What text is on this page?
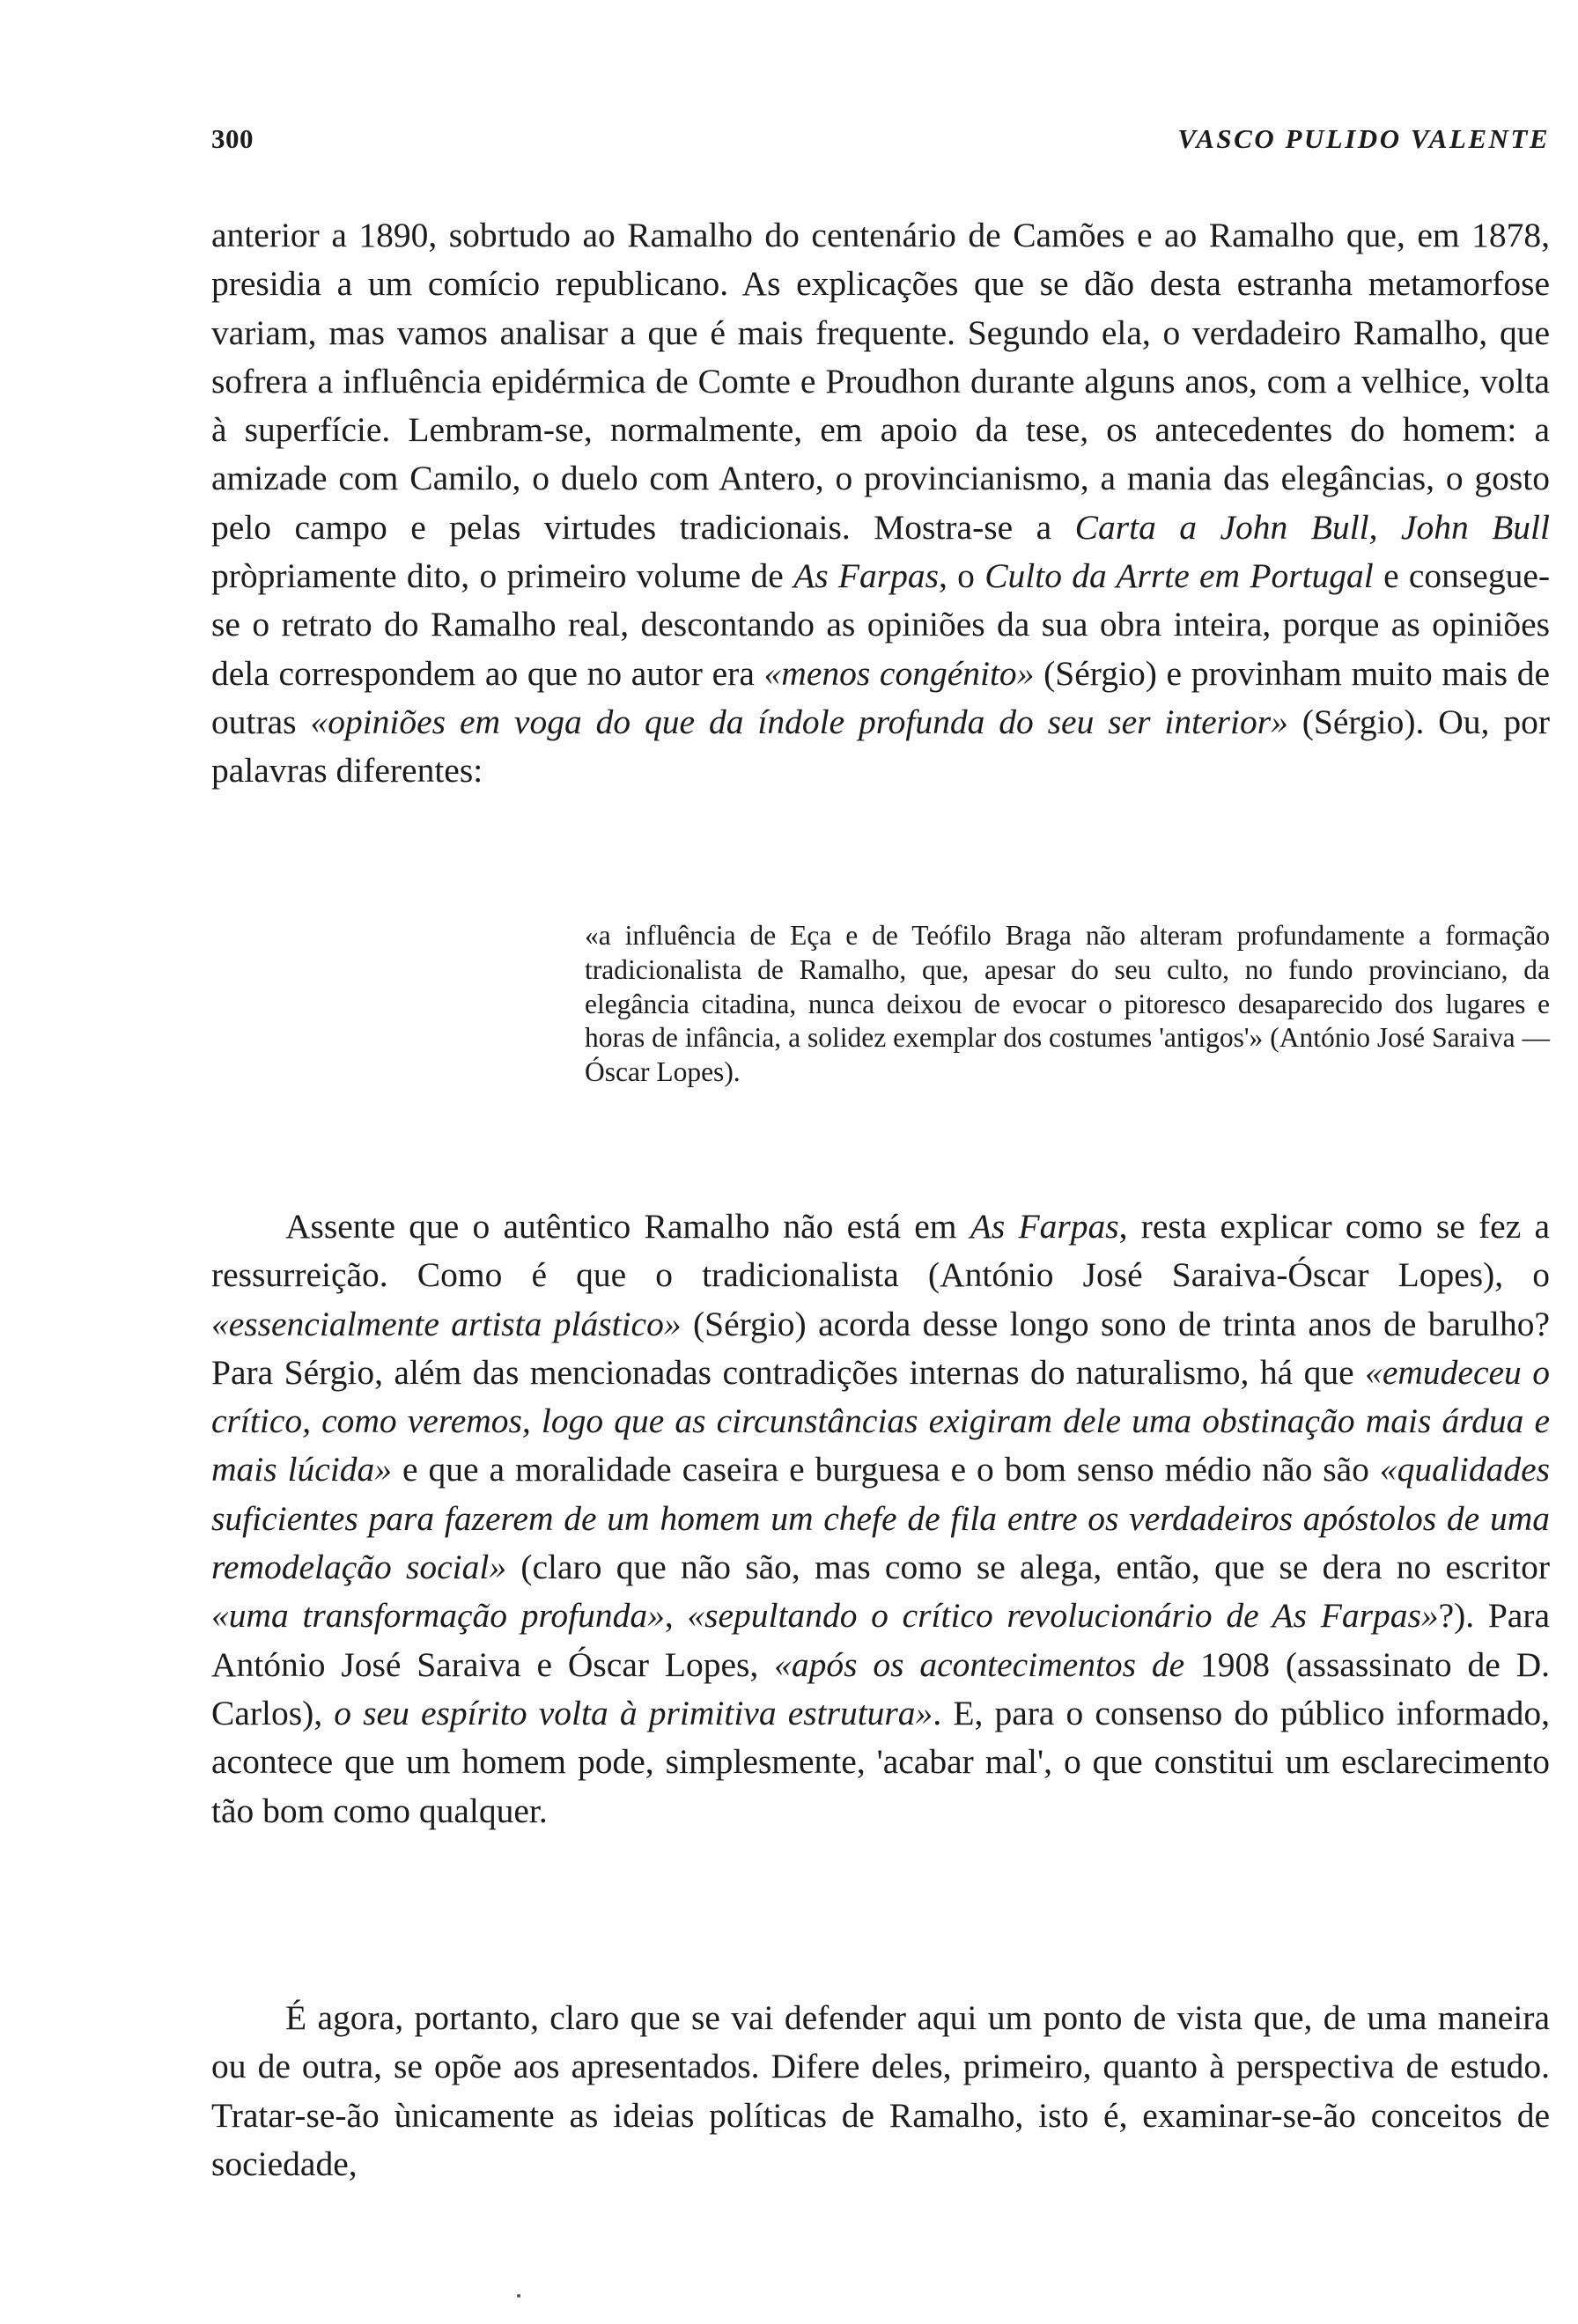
300	VASCO PULIDO VALENTE

anterior a 1890, sobrtudo ao Ramalho do centenário de Camões e ao Ramalho que, em 1878, presidia a um comício republicano. As explicações que se dão desta estranha metamorfose variam, mas vamos analisar a que é mais frequente. Segundo ela, o verdadeiro Ramalho, que sofrera a influência epidérmica de Comte e Proudhon durante alguns anos, com a velhice, volta à superfície. Lembram-se, normalmente, em apoio da tese, os antecedentes do homem: a amizade com Camilo, o duelo com Antero, o provincianismo, a mania das elegâncias, o gosto pelo campo e pelas virtudes tradicionais. Mostra-se a Carta a John Bull, John Bull pròpriamente dito, o primeiro volume de As Farpas, o Culto da Arrte em Portugal e consegue-se o retrato do Ramalho real, descontando as opiniões da sua obra inteira, porque as opiniões dela correspondem ao que no autor era «menos congénito» (Sérgio) e provinham muito mais de outras «opiniões em voga do que da índole profunda do seu ser interior» (Sérgio). Ou, por palavras diferentes:

«a influência de Eça e de Teófilo Braga não alteram profundamente a formação tradicionalista de Ramalho, que, apesar do seu culto, no fundo provinciano, da elegância citadina, nunca deixou de evocar o pitoresco desaparecido dos lugares e horas de infância, a solidez exemplar dos costumes 'antigos'» (António José Saraiva — Óscar Lopes).

Assente que o autêntico Ramalho não está em As Farpas, resta explicar como se fez a ressurreição. Como é que o tradicionalista (António José Saraiva-Óscar Lopes), o «essencialmente artista plástico» (Sérgio) acorda desse longo sono de trinta anos de barulho? Para Sérgio, além das mencionadas contradições internas do naturalismo, há que «emudeceu o crítico, como veremos, logo que as circunstâncias exigiram dele uma obstinação mais árdua e mais lúcida» e que a moralidade caseira e burguesa e o bom senso médio não são «qualidades suficientes para fazerem de um homem um chefe de fila entre os verdadeiros apóstolos de uma remodelação social» (claro que não são, mas como se alega, então, que se dera no escritor «uma transformação profunda», «sepultando o crítico revolucionário de As Farpas»?). Para António José Saraiva e Óscar Lopes, «após os acontecimentos de 1908 (assassinato de D. Carlos), o seu espírito volta à primitiva estrutura». E, para o consenso do público informado, acontece que um homem pode, simplesmente, 'acabar mal', o que constitui um esclarecimento tão bom como qualquer.

É agora, portanto, claro que se vai defender aqui um ponto de vista que, de uma maneira ou de outra, se opõe aos apresentados. Difere deles, primeiro, quanto à perspectiva de estudo. Tratar-se-ão ùnicamente as ideias políticas de Ramalho, isto é, examinar-se-ão conceitos de sociedade,
